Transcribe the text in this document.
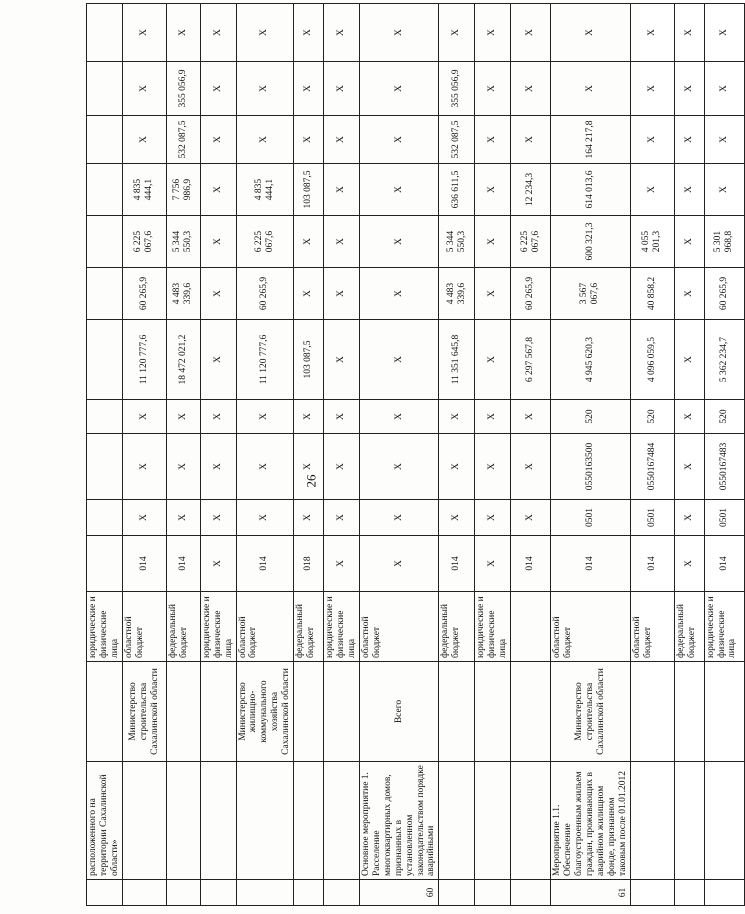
26
	расположенного на территории Сахалинской области»		юридические и физические лица											
		Министерство строительства Сахалинской области	областной бюджет	014	Х	Х	Х	11 120 777,6	60 265,9	6 225 067,6	4 835 444,1	Х	Х	Х
			федеральный бюджет	014	Х	Х	Х	18 472 021,2	4 483 339,6	5 344 550,3	7 756 986,9	532 087,5	355 056,9	Х
			юридические и физические лица	Х	Х	Х	Х	Х	Х	Х	Х	Х	Х	Х
		Министерство жилищно-коммунального хозяйства Сахалинской области	областной бюджет	014	Х	Х	Х	11 120 777,6	60 265,9	6 225 067,6	4 835 444,1	Х	Х	Х
			федеральный бюджет	018	Х	Х	Х	103 087,5	Х	Х	103 087,5	Х	Х	Х
			юридические и физические лица	Х	Х	Х	Х	Х	Х	Х	Х	Х	Х	Х
60	Основное мероприятие 1. Расселение многоквартирных домов, признанных в установленном законодательством порядке аварийными	Всего	областной бюджет	Х	Х	Х	Х	Х	Х	Х	Х	Х	Х	Х
			федеральный бюджет	014	Х	Х	Х	11 351 645,8	4 483 339,6	5 344 550,3	636 611,5	532 087,5	355 056,9	Х
			юридические и физические лица	Х	Х	Х	Х	Х	Х	Х	Х	Х	Х	Х
				014	Х	Х	Х	6 297 567,8	60 265,9	6 225 067,6	12 234,3	Х	Х	Х
61	Мероприятие 1.1. Обеспечение благоустроенным жильем граждан, проживающих в аварийном жилищном фонде, признанном таковым после 01.01.2012	Министерство строительства Сахалинской области	областной бюджет	014	0501	0550163500	520	4 945 620,3	3 567 067,6	600 321,3	614 013,6	164 217,8	Х	Х
			областной бюджет	014	0501	0550167484	520	4 096 059,5	40 858,2	4 055 201,3	Х	Х	Х	Х
			федеральный бюджет	Х	Х	Х	Х	Х	Х	Х	Х	Х	Х	Х
			юридические и физические лица	014	0501	0550167483	520	5 362 234,7	60 265,9	5 301 968,8	Х	Х	Х	Х
